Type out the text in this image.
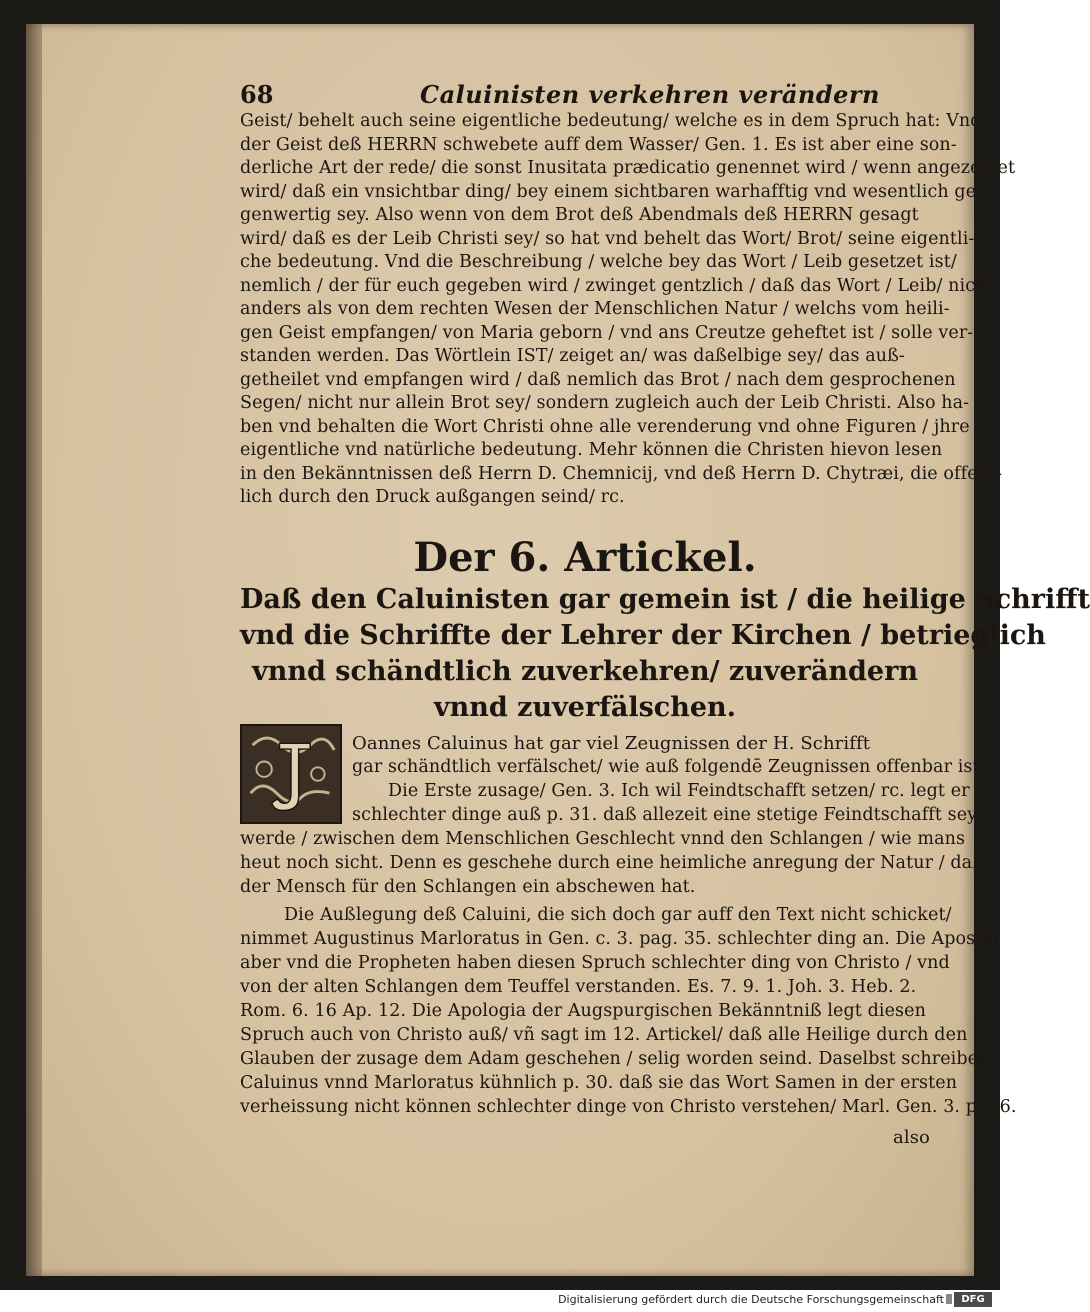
68	Caluinisten verkehren verändern
Geist/ behelt auch seine eigentliche bedeutung/ welche es in dem Spruch hat: Vnd
der Geist deß HERRN schwebete auff dem Wasser/ Gen. 1. Es ist aber eine son-
derliche Art der rede/ die sonst Inusitata prædicatio genennet wird / wenn angezeiget
wird/ daß ein vnsichtbar ding/ bey einem sichtbaren warhafftig vnd wesentlich ge-
genwertig sey. Also wenn von dem Brot deß Abendmals deß HERRN gesagt
wird/ daß es der Leib Christi sey/ so hat vnd behelt das Wort/ Brot/ seine eigentli-
che bedeutung. Vnd die Beschreibung / welche bey das Wort / Leib gesetzet ist/
nemlich / der für euch gegeben wird / zwinget gentzlich / daß das Wort / Leib/ nicht
anders als von dem rechten Wesen der Menschlichen Natur / welchs vom heili-
gen Geist empfangen/ von Maria geborn / vnd ans Creutze geheftet ist / solle ver-
standen werden. Das Wörtlein IST/ zeiget an/ was daßelbige sey/ das auß-
getheilet vnd empfangen wird / daß nemlich das Brot / nach dem gesprochenen
Segen/ nicht nur allein Brot sey/ sondern zugleich auch der Leib Christi. Also ha-
ben vnd behalten die Wort Christi ohne alle verenderung vnd ohne Figuren / jhre
eigentliche vnd natürliche bedeutung. Mehr können die Christen hievon lesen
in den Bekänntnissen deß Herrn D. Chemnicij, vnd deß Herrn D. Chytræi, die offent-
lich durch den Druck außgangen seind/ rc.
Der 6. Artickel.
Daß den Caluinisten gar gemein ist / die heilige Schrifft
vnd die Schriffte der Lehrer der Kirchen / betrieglich
vnnd schändtlich zuverkehren/ zuverändern
vnnd zuverfälschen.
Oannes Caluinus hat gar viel Zeugnissen der H. Schrifft
gar schändtlich verfälschet/ wie auß folgendē Zeugnissen offenbar ist.
Die Erste zusage/ Gen. 3. Ich wil Feindtschafft setzen/ rc. legt er
schlechter dinge auß p. 31. daß allezeit eine stetige Feindtschafft seyn
werde / zwischen dem Menschlichen Geschlecht vnnd den Schlangen / wie mans
heut noch sicht. Denn es geschehe durch eine heimliche anregung der Natur / daß
der Mensch für den Schlangen ein abschewen hat.
Die Außlegung deß Caluini, die sich doch gar auff den Text nicht schicket/
nimmet Augustinus Marloratus in Gen. c. 3. pag. 35. schlechter ding an. Die Apostel
aber vnd die Propheten haben diesen Spruch schlechter ding von Christo / vnd
von der alten Schlangen dem Teuffel verstanden. Es. 7. 9. 1. Joh. 3. Heb. 2.
Rom. 6. 16 Ap. 12. Die Apologia der Augspurgischen Bekänntniß legt diesen
Spruch auch von Christo auß/ vñ sagt im 12. Artickel/ daß alle Heilige durch den
Glauben der zusage dem Adam geschehen / selig worden seind. Daselbst schreiben
Caluinus vnnd Marloratus kühnlich p. 30. daß sie das Wort Samen in der ersten
verheissung nicht können schlechter dinge von Christo verstehen/ Marl. Gen. 3. p. 36.
also
Digitalisierung gefördert durch die Deutsche Forschungsgemeinschaft	DFG
